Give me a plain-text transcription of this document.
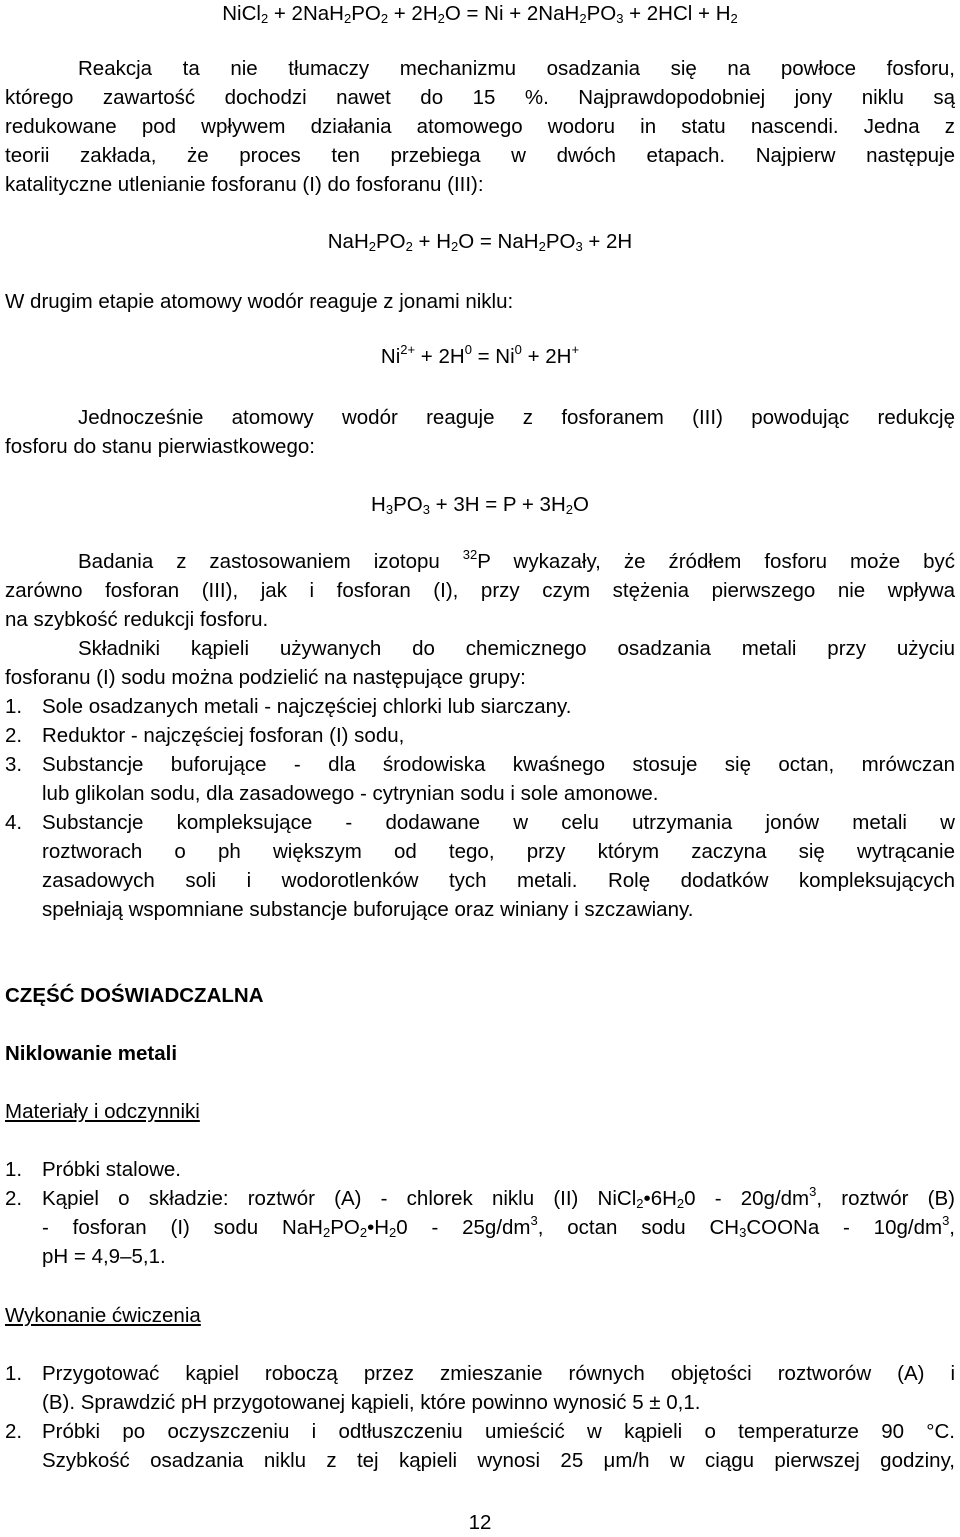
NiCl$_2$ + $2NaH_2PO_2 + 2H_2O = Ni + 2NaH_2PO_3 + 2HCl + H_2$
Reakcja ta nie tłumaczy mechanizmu osadzania się na powłoce fosforu,
którego zawartość dochodzi nawet do 15 %. Najprawdopodobniej jony niklu są
redukowane pod wpływem działania atomowego wodoru in statu nascendi. Jedna z
teorii zakłada, że proces ten przebiega w dwóch etapach. Najpierw następuje
katalityczne utlenianie fosforanu (I) do fosforanu (III):
$NaH_2PO_2 + H_2O = NaH_2PO_3 + 2H$
W drugim etapie atomowy wodór reaguje z jonami niklu:
$Ni^{2+} + 2H^0 = Ni^0 + 2H^+$
Jednocześnie atomowy wodór reaguje z fosforanem (III) powodując redukcję
fosforu do stanu pierwiastkowego:
$H_3PO_3 + 3H = P + 3H_2O$
Badania z zastosowaniem izotopu $^{32}$P wykazały, że źródłem fosforu może być
zarówno fosforan (III), jak i fosforan (I), przy czym stężenia pierwszego nie wpływa
na szybkość redukcji fosforu.
Składniki kąpieli używanych do chemicznego osadzania metali przy użyciu
fosforanu (I) sodu można podzielić na następujące grupy:
1. Sole osadzanych metali - najczęściej chlorki lub siarczany.
2. Reduktor - najczęściej fosforan (I) sodu,
3. Substancje buforujące - dla środowiska kwaśnego stosuje się octan, mrówczan
lub glikolan sodu, dla zasadowego - cytrynian sodu i sole amonowe.
4. Substancje kompleksujące - dodawane w celu utrzymania jonów metali w
roztworach o ph większym od tego, przy którym zaczyna się wytrącanie
zasadowych soli i wodorotlenków tych metali. Rolę dodatków kompleksujących
spełniają wspomniane substancje buforujące oraz winiany i szczawiany.
CZĘŚĆ DOŚWIADCZALNA
Niklowanie metali
Materiały i odczynniki
1. Próbki stalowe.
2. Kąpiel o składzie: roztwór (A) - chlorek niklu (II) $NiCl_2•6H_20 - 20g/dm^3$, roztwór (B)
- fosforan (I) sodu $NaH_2PO_2•H_20 - 25g/dm^3$, octan sodu $CH_3COONa - 10g/dm^3$,
pH = 4,9–5,1.
Wykonanie ćwiczenia
1. Przygotować kąpiel roboczą przez zmieszanie równych objętości roztworów (A) i
(B). Sprawdzić pH przygotowanej kąpieli, które powinno wynosić 5 ± 0,1.
2. Próbki po oczyszczeniu i odtłuszczeniu umieścić w kąpieli o temperaturze 90 °C.
Szybkość osadzania niklu z tej kąpieli wynosi 25 μm/h w ciągu pierwszej godziny,
12
